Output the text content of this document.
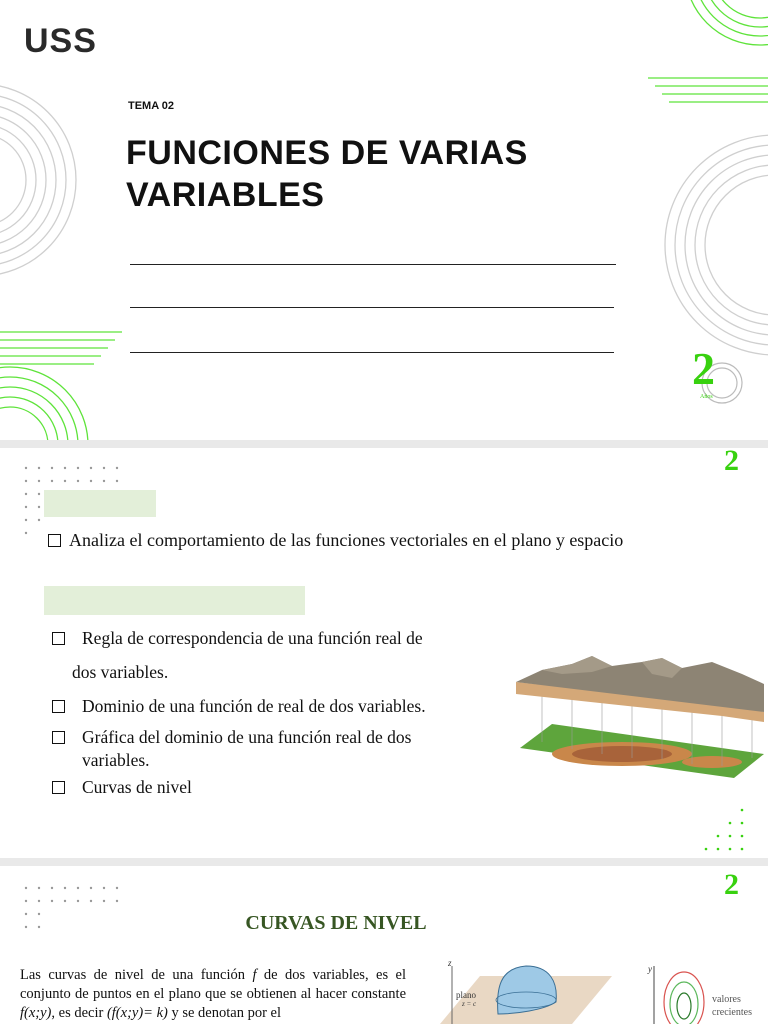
USS
TEMA 02
FUNCIONES DE VARIAS
VARIABLES
2
Años
2
Analiza el comportamiento de las funciones vectoriales en el plano y espacio
Regla de correspondencia de una función real de
dos variables.
Dominio de una función de real de dos variables.
Gráfica del dominio de una función real de dos
variables.
Curvas de nivel
2
CURVAS DE NIVEL
Las curvas de nivel de una función f de dos variables, es el conjunto de puntos en el plano que se obtienen al hacer constante f(x;y), es decir (f(x;y)= k) y se denotan por el
z
plano
z = c
y
valores
crecientes
